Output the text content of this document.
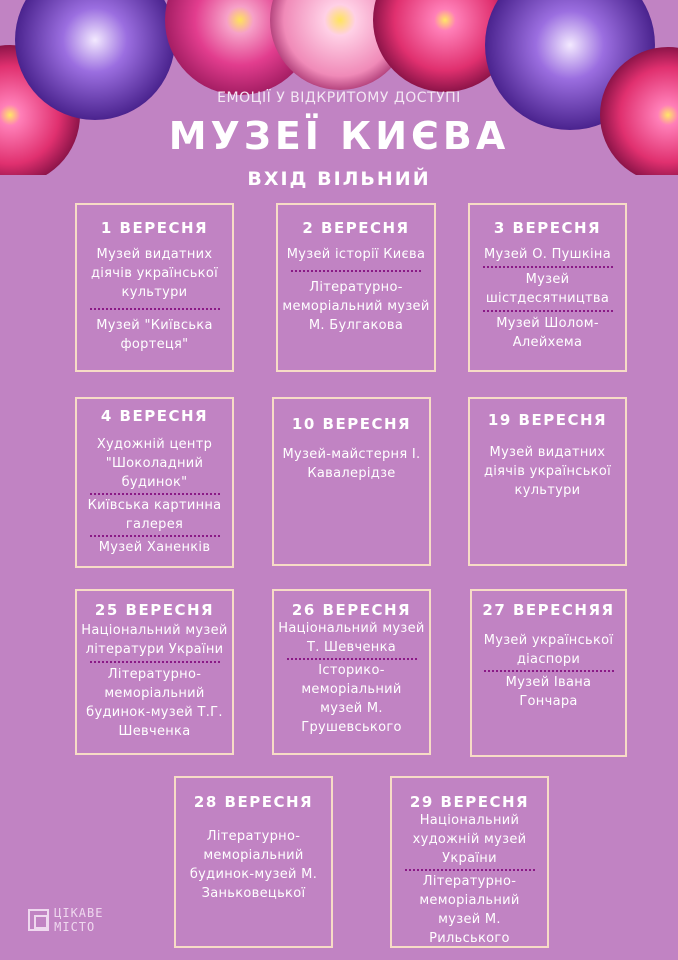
ЕМОЦІЇ У ВІДКРИТОМУ ДОСТУПІ
МУЗЕЇ КИЄВА
ВХІД ВІЛЬНИЙ
1 ВЕРЕСНЯ
Музей видатних діячів української культури
Музей "Київська фортеця"
2 ВЕРЕСНЯ
Музей історії Києва
Літературно-меморіальний музей М. Булгакова
3 ВЕРЕСНЯ
Музей О. Пушкіна
Музей шістдесятництва
Музей Шолом-Алейхема
4 ВЕРЕСНЯ
Художній центр "Шоколадний будинок"
Київська картинна галерея
Музей Ханенків
10 ВЕРЕСНЯ
Музей-майстерня І. Кавалерідзе
19 ВЕРЕСНЯ
Музей видатних діячів української культури
25 ВЕРЕСНЯ
Національний музей літератури України
Літературно-меморіальний будинок-музей Т.Г. Шевченка
26 ВЕРЕСНЯ
Національний музей Т. Шевченка
Історико-меморіальний музей М. Грушевського
27 ВЕРЕСНЯЯ
Музей української діаспори
Музей Івана Гончара
28 ВЕРЕСНЯ
Літературно-меморіальний будинок-музей М. Заньковецької
29 ВЕРЕСНЯ
Національний художній музей України
Літературно-меморіальний музей М. Рильського
ЦІКАВЕ МІСТО
